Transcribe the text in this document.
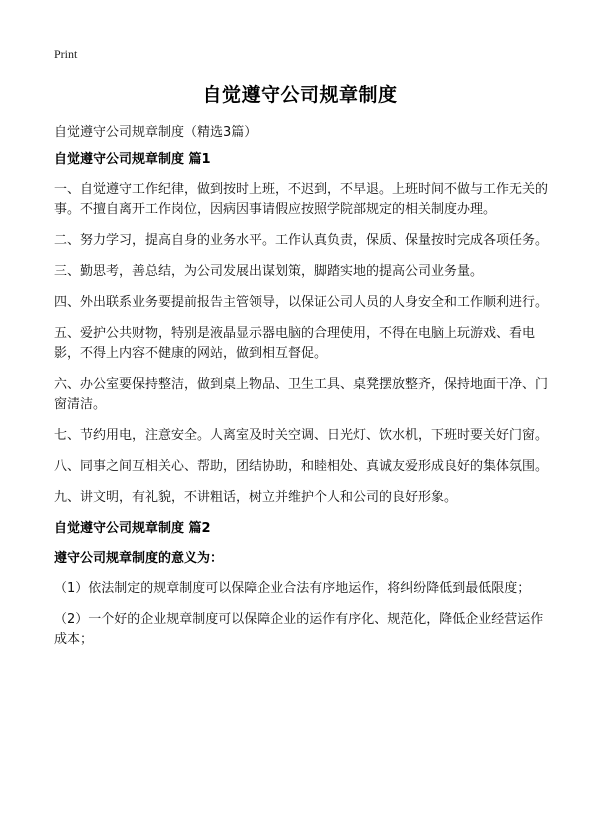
Print
自觉遵守公司规章制度
自觉遵守公司规章制度（精选3篇）
自觉遵守公司规章制度 篇1

一、自觉遵守工作纪律，做到按时上班，不迟到，不早退。上班时间不做与工作无关的事。不擅自离开工作岗位，因病因事请假应按照学院部规定的相关制度办理。

二、努力学习，提高自身的业务水平。工作认真负责，保质、保量按时完成各项任务。

三、勤思考，善总结，为公司发展出谋划策，脚踏实地的提高公司业务量。

四、外出联系业务要提前报告主管领导，以保证公司人员的人身安全和工作顺利进行。

五、爱护公共财物，特别是液晶显示器电脑的合理使用，不得在电脑上玩游戏、看电影，不得上内容不健康的网站，做到相互督促。

六、办公室要保持整洁，做到桌上物品、卫生工具、桌凳摆放整齐，保持地面干净、门窗清洁。

七、节约用电，注意安全。人离室及时关空调、日光灯、饮水机，下班时要关好门窗。

八、同事之间互相关心、帮助，团结协助，和睦相处、真诚友爱形成良好的集体氛围。

九、讲文明，有礼貌，不讲粗话，树立并维护个人和公司的良好形象。

自觉遵守公司规章制度 篇2
遵守公司规章制度的意义为：

（1）依法制定的规章制度可以保障企业合法有序地运作，将纠纷降低到最低限度；

（2）一个好的企业规章制度可以保障企业的运作有序化、规范化，降低企业经营运作成本；
